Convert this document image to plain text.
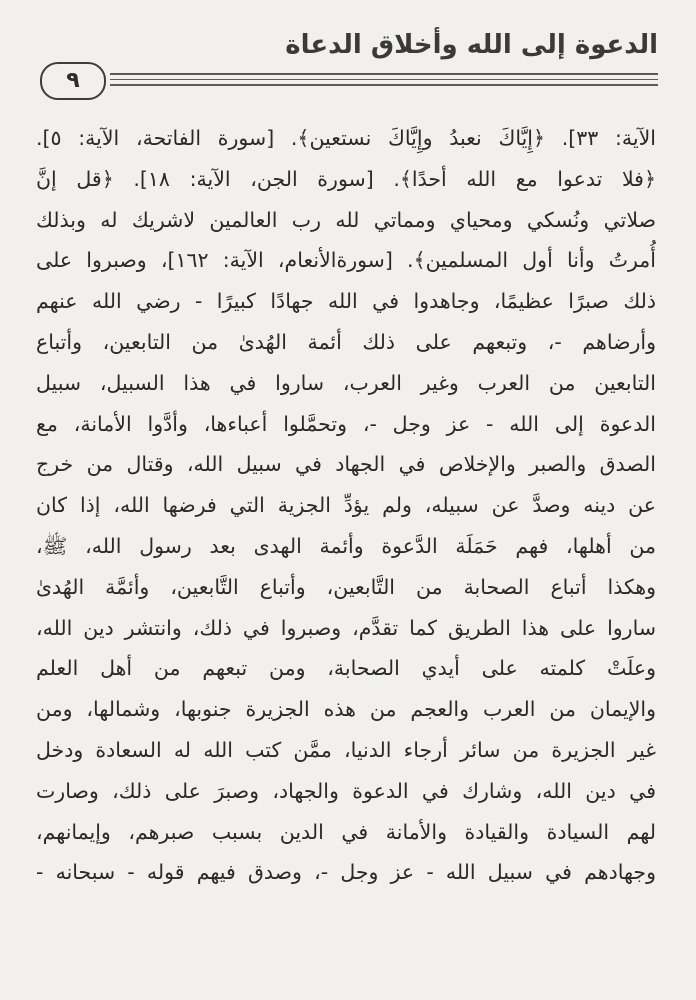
الدعوة إلى الله وأخلاق الدعاة
٩
الآية: ٣٣]. ﴿إِيَّاكَ نعبدُ وإِيَّاكَ نستعين﴾. [سورة الفاتحة، الآية: ٥].
﴿فلا تدعوا مع الله أحدًا﴾. [سورة الجن، الآية: ١٨]. ﴿قل إنَّ
صلاتي ونُسكي ومحياي ومماتي لله رب العالمين لاشريك له وبذلك
أُمرتُ وأنا أول المسلمين﴾. [سورةالأنعام، الآية: ١٦٢]، وصبروا على
ذلك صبرًا عظيمًا، وجاهدوا في الله جهادًا كبيرًا - رضي الله عنهم
وأرضاهم -، وتبعهم على ذلك أئمة الهُدىٰ من التابعين، وأتباع
التابعين من العرب وغير العرب، ساروا في هذا السبيل، سبيل
الدعوة إلى الله - عز وجل -، وتحمَّلوا أعباءها، وأدَّوا الأمانة، مع
الصدق والصبر والإخلاص في الجهاد في سبيل الله، وقتال من خرج
عن دينه وصدَّ عن سبيله، ولم يؤدِّ الجزية التي فرضها الله، إذا كان
من أهلها، فهم حَمَلَة الدَّعوة وأئمة الهدى بعد رسول الله، ﷺ،
وهكذا أتباع الصحابة من التَّابعين، وأتباع التَّابعين، وأئمَّة الهُدىٰ
ساروا على هذا الطريق كما تقدَّم، وصبروا في ذلك، وانتشر دين الله،
وعلَتْ كلمته على أيدي الصحابة، ومن تبعهم من أهل العلم
والإيمان من العرب والعجم من هذه الجزيرة جنوبها، وشمالها، ومن
غير الجزيرة من سائر أرجاء الدنيا، ممَّن كتب الله له السعادة ودخل
في دين الله، وشارك في الدعوة والجهاد، وصبرَ على ذلك، وصارت
لهم السيادة والقيادة والأمانة في الدين بسبب صبرهم، وإيمانهم،
وجهادهم في سبيل الله - عز وجل -، وصدق فيهم قوله - سبحانه -
